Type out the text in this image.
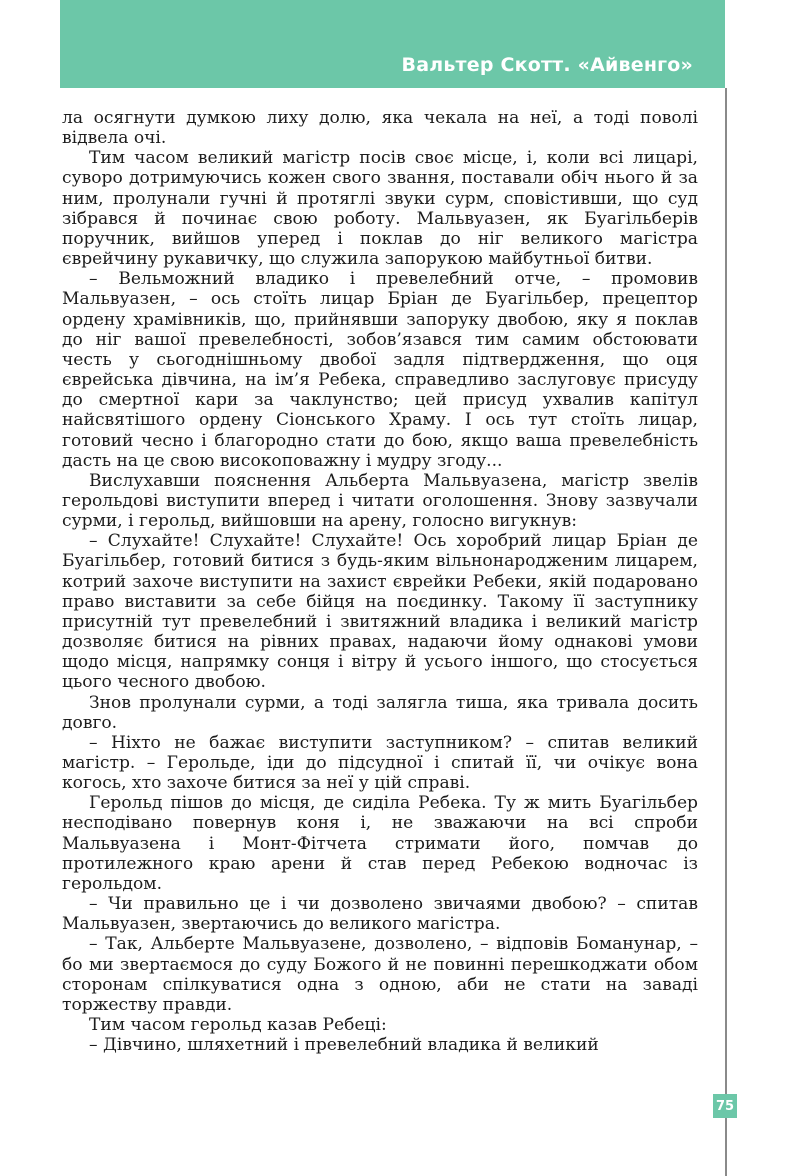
Вальтер Скотт. «Айвенго»

ла осягнути думкою лиху долю, яка чекала на неї, а тоді поволі відвела очі.

Тим часом великий магістр посів своє місце, і, коли всі лицарі, суворо дотримуючись кожен свого звання, поставали обіч нього й за ним, пролунали гучні й протяглі звуки сурм, сповістивши, що суд зібрався й починає свою роботу. Мальвуазен, як Буагільберів поручник, вийшов уперед і поклав до ніг великого магістра єврейчину рукавичку, що служила запорукою майбутньої битви.

– Вельможний владико і превелебний отче, – промовив Мальвуазен, – ось стоїть лицар Бріан де Буагільбер, прецептор ордену храмівників, що, прийнявши запоруку двобою, яку я поклав до ніг вашої превелебності, зобов’язався тим самим обстоювати честь у сьогоднішньому двобої задля підтвердження, що оця єврейська дівчина, на ім’я Ребека, справедливо заслуговує присуду до смертної кари за чаклунство; цей присуд ухвалив капітул найсвятішого ордену Сіонського Храму. І ось тут стоїть лицар, готовий чесно і благородно стати до бою, якщо ваша превелебність дасть на це свою високоповажну і мудру згоду...

Вислухавши пояснення Альберта Мальвуазена, магістр звелів герольдові виступити вперед і читати оголошення. Знову зазвучали сурми, і герольд, вийшовши на арену, голосно вигукнув:

– Слухайте! Слухайте! Слухайте! Ось хоробрий лицар Бріан де Буагільбер, готовий битися з будь-яким вільнонародженим лицарем, котрий захоче виступити на захист єврейки Ребеки, якій подаровано право виставити за себе бійця на поєдинку. Такому її заступнику присутній тут превелебний і звитяжний владика і великий магістр дозволяє битися на рівних правах, надаючи йому однакові умови щодо місця, напрямку сонця і вітру й усього іншого, що стосується цього чесного двобою.

Знов пролунали сурми, а тоді залягла тиша, яка тривала досить довго.

– Ніхто не бажає виступити заступником? – спитав великий магістр. – Герольде, іди до підсудної і спитай її, чи очікує вона когось, хто захоче битися за неї у цій справі.

Герольд пішов до місця, де сиділа Ребека. Ту ж мить Буагільбер несподівано повернув коня і, не зважаючи на всі спроби Мальвуазена і Монт-Фітчета стримати його, помчав до протилежного краю арени й став перед Ребекою водночас із герольдом.

– Чи правильно це і чи дозволено звичаями двобою? – спитав Мальвуазен, звертаючись до великого магістра.

– Так, Альберте Мальвуазене, дозволено, – відповів Боманунар, – бо ми звертаємося до суду Божого й не повинні перешкоджати обом сторонам спілкуватися одна з одною, аби не стати на заваді торжеству правди.

Тим часом герольд казав Ребеці:

– Дівчино, шляхетний і превелебний владика й великий

75
